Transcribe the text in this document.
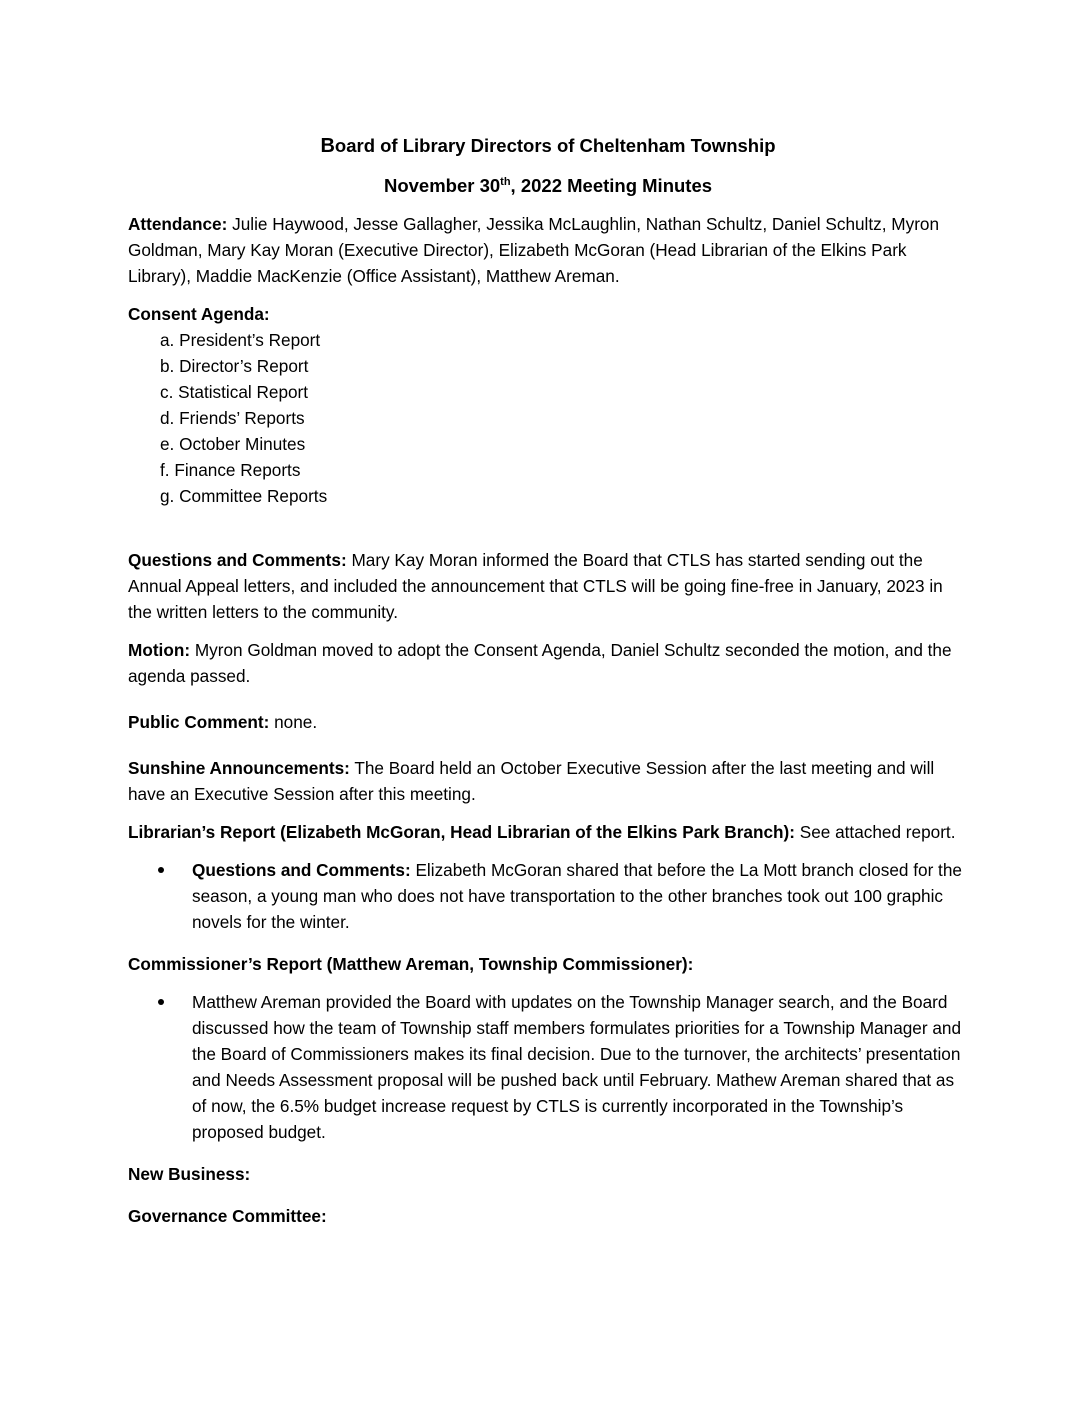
Board of Library Directors of Cheltenham Township

November 30th, 2022 Meeting Minutes

Attendance: Julie Haywood, Jesse Gallagher, Jessika McLaughlin, Nathan Schultz, Daniel Schultz, Myron Goldman, Mary Kay Moran (Executive Director), Elizabeth McGoran (Head Librarian of the Elkins Park Library), Maddie MacKenzie (Office Assistant), Matthew Areman.

Consent Agenda:

a. President’s Report
b. Director’s Report
c. Statistical Report
d. Friends’ Reports
e. October Minutes
f. Finance Reports
g. Committee Reports

Questions and Comments: Mary Kay Moran informed the Board that CTLS has started sending out the Annual Appeal letters, and included the announcement that CTLS will be going fine-free in January, 2023 in the written letters to the community.

Motion: Myron Goldman moved to adopt the Consent Agenda, Daniel Schultz seconded the motion, and the agenda passed.

Public Comment: none.

Sunshine Announcements: The Board held an October Executive Session after the last meeting and will have an Executive Session after this meeting.

Librarian’s Report (Elizabeth McGoran, Head Librarian of the Elkins Park Branch): See attached report.

Questions and Comments: Elizabeth McGoran shared that before the La Mott branch closed for the season, a young man who does not have transportation to the other branches took out 100 graphic novels for the winter.

Commissioner’s Report (Matthew Areman, Township Commissioner):

Matthew Areman provided the Board with updates on the Township Manager search, and the Board discussed how the team of Township staff members formulates priorities for a Township Manager and the Board of Commissioners makes its final decision. Due to the turnover, the architects’ presentation and Needs Assessment proposal will be pushed back until February. Mathew Areman shared that as of now, the 6.5% budget increase request by CTLS is currently incorporated in the Township’s proposed budget.

New Business:

Governance Committee:
